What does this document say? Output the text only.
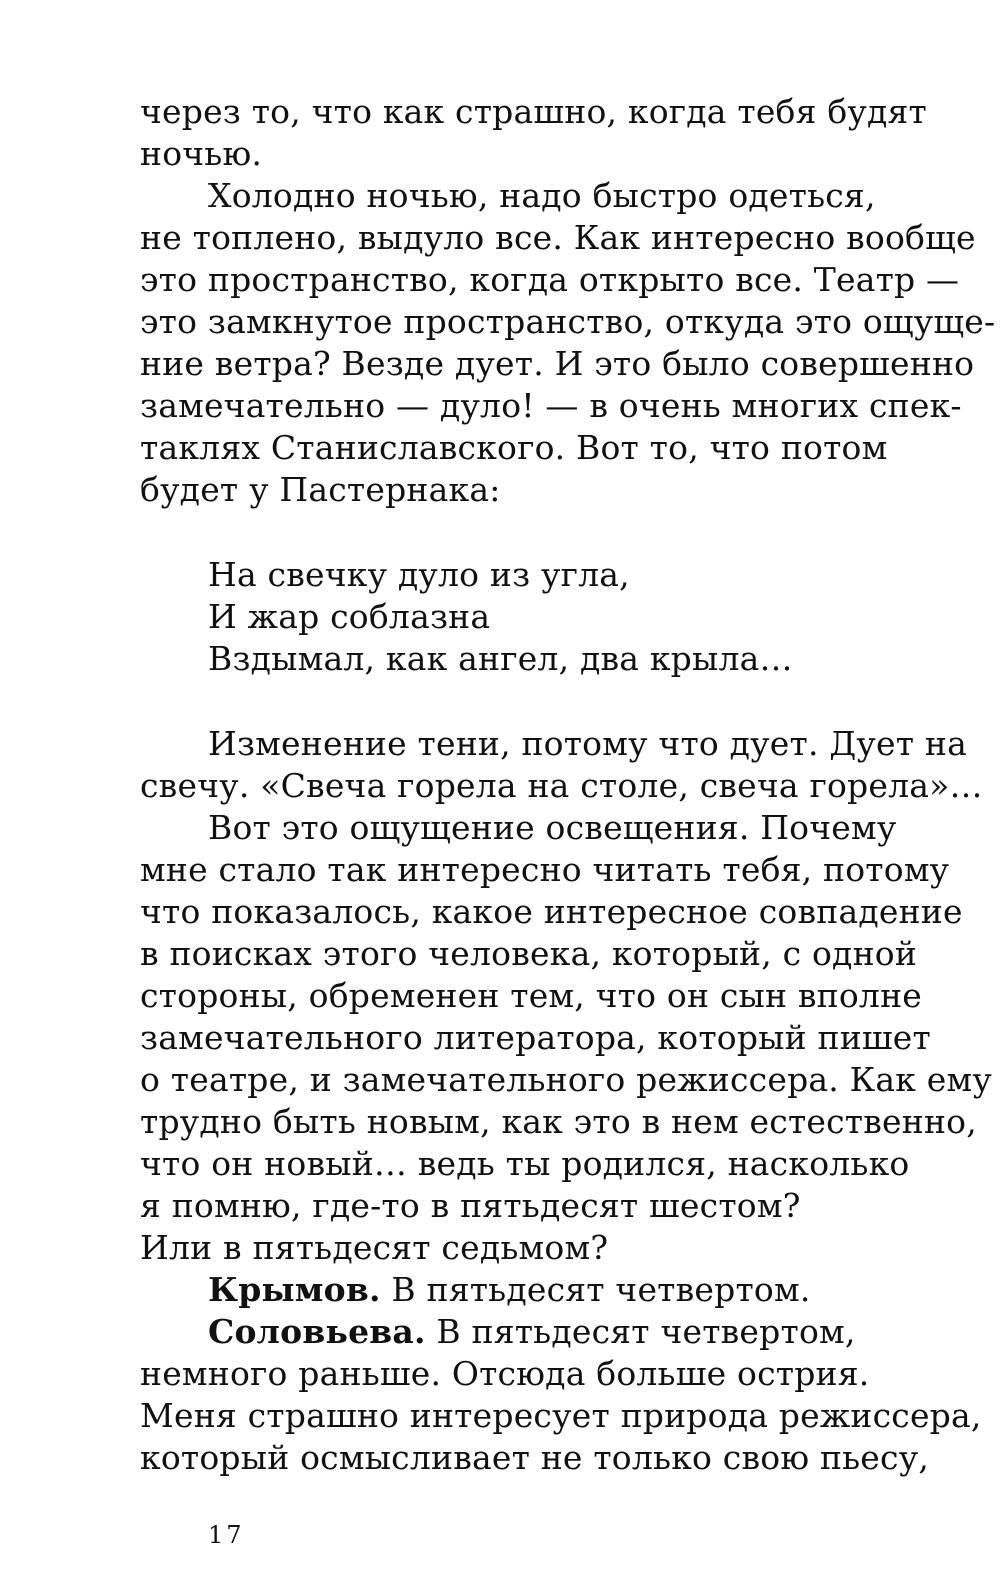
через то, что как страшно, когда тебя будят
ночью.
Холодно ночью, надо быстро одеться,
не топлено, выдуло все. Как интересно вообще
это пространство, когда открыто все. Театр —
это замкнутое пространство, откуда это ощуще-
ние ветра? Везде дует. И это было совершенно
замечательно — дуло! — в очень многих спек-
таклях Станиславского. Вот то, что потом
будет у Пастернака:
На свечку дуло из угла,
И жар соблазна
Вздымал, как ангел, два крыла…
Изменение тени, потому что дует. Дует на
свечу. «Свеча горела на столе, свеча горела»…
Вот это ощущение освещения. Почему
мне стало так интересно читать тебя, потому
что показалось, какое интересное совпадение
в поисках этого человека, который, с одной
стороны, обременен тем, что он сын вполне
замечательного литератора, который пишет
о театре, и замечательного режиссера. Как ему
трудно быть новым, как это в нем естественно,
что он новый… ведь ты родился, насколько
я помню, где-то в пятьдесят шестом?
Или в пятьдесят седьмом?
Крымов. В пятьдесят четвертом.
Соловьева. В пятьдесят четвертом,
немного раньше. Отсюда больше острия.
Меня страшно интересует природа режиссера,
который осмысливает не только свою пьесу,
17
